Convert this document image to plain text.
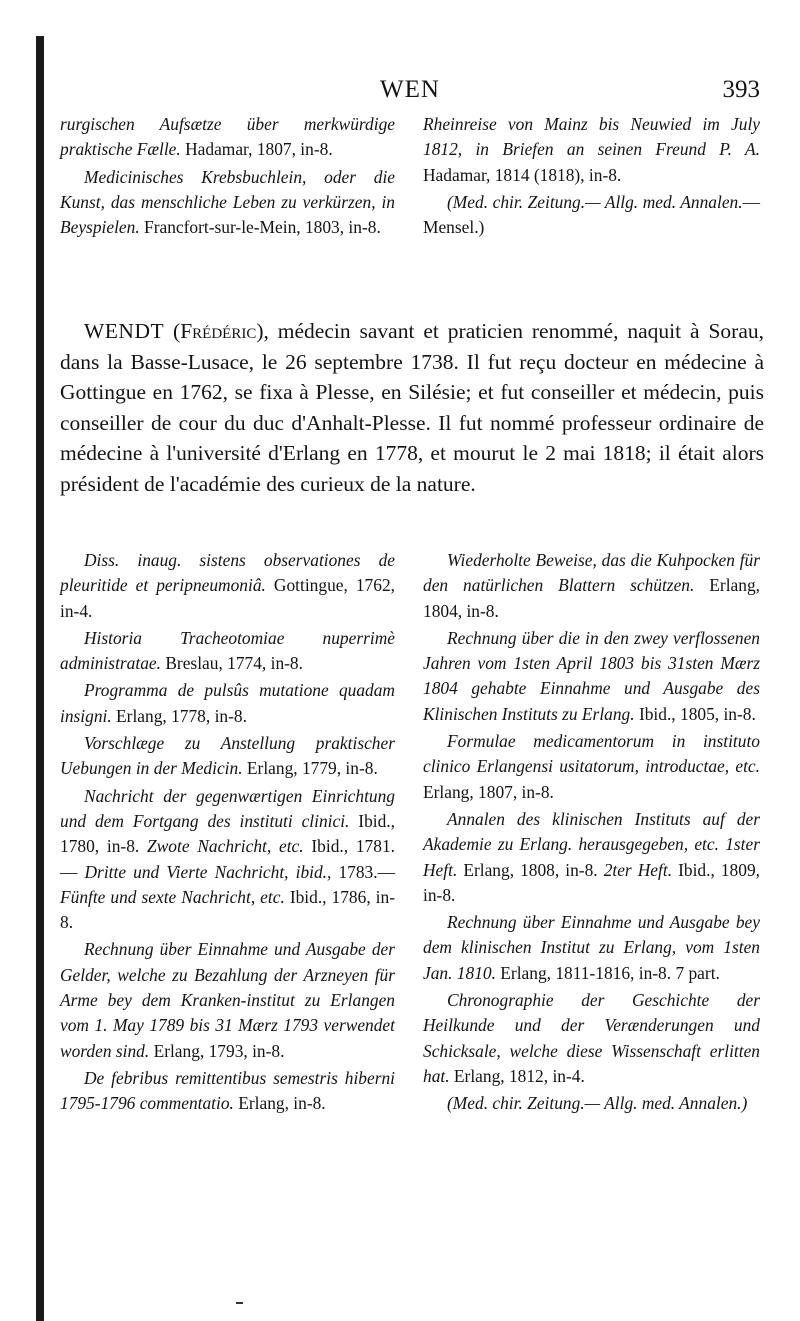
WEN	393

rurgischen Aufsætze über merkwürdige praktische Fælle. Hadamar, 1807, in-8.

Medicinisches Krebsbuchlein, oder die Kunst, das menschliche Leben zu verkürzen, in Beyspielen. Francfort-sur-le-Mein, 1803, in-8.

Rheinreise von Mainz bis Neuwied im July 1812, in Briefen an seinen Freund P. A. Hadamar, 1814 (1818), in-8.

(Med. chir. Zeitung.— Allg. med. Annalen.— Mensel.)

WENDT (Frédéric), médecin savant et praticien renommé, naquit à Sorau, dans la Basse-Lusace, le 26 septembre 1738. Il fut reçu docteur en médecine à Gottingue en 1762, se fixa à Plesse, en Silésie; et fut conseiller et médecin, puis conseiller de cour du duc d'Anhalt-Plesse. Il fut nommé professeur ordinaire de médecine à l'université d'Erlang en 1778, et mourut le 2 mai 1818; il était alors président de l'académie des curieux de la nature.

Diss. inaug. sistens observationes de pleuritide et peripneumoniâ. Gottingue, 1762, in-4.

Historia Tracheotomiae nuperrimè administratae. Breslau, 1774, in-8.

Programma de pulsûs mutatione quadam insigni. Erlang, 1778, in-8.

Vorschlæge zu Anstellung praktischer Uebungen in der Medicin. Erlang, 1779, in-8.

Nachricht der gegenwærtigen Einrichtung und dem Fortgang des instituti clinici. Ibid., 1780, in-8. Zwote Nachricht, etc. Ibid., 1781. — Dritte und Vierte Nachricht, ibid., 1783.— Fünfte und sexte Nachricht, etc. Ibid., 1786, in-8.

Rechnung über Einnahme und Ausgabe der Gelder, welche zu Bezahlung der Arzneyen für Arme bey dem Kranken-institut zu Erlangen vom 1. May 1789 bis 31 Mærz 1793 verwendet worden sind. Erlang, 1793, in-8.

De febribus remittentibus semestris hiberni 1795-1796 commentatio. Erlang, in-8.

Wiederholte Beweise, das die Kuhpocken für den natürlichen Blattern schützen. Erlang, 1804, in-8.

Rechnung über die in den zwey verflossenen Jahren vom 1sten April 1803 bis 31sten Mærz 1804 gehabte Einnahme und Ausgabe des Klinischen Instituts zu Erlang. Ibid., 1805, in-8.

Formulae medicamentorum in instituto clinico Erlangensi usitatorum, introductae, etc. Erlang, 1807, in-8.

Annalen des klinischen Instituts auf der Akademie zu Erlang. herausgegeben, etc. 1ster Heft. Erlang, 1808, in-8. 2ter Heft. Ibid., 1809, in-8.

Rechnung über Einnahme und Ausgabe bey dem klinischen Institut zu Erlang, vom 1sten Jan. 1810. Erlang, 1811-1816, in-8. 7 part.

Chronographie der Geschichte der Heilkunde und der Verænderungen und Schicksale, welche diese Wissenschaft erlitten hat. Erlang, 1812, in-4.

(Med. chir. Zeitung.— Allg. med. Annalen.)
